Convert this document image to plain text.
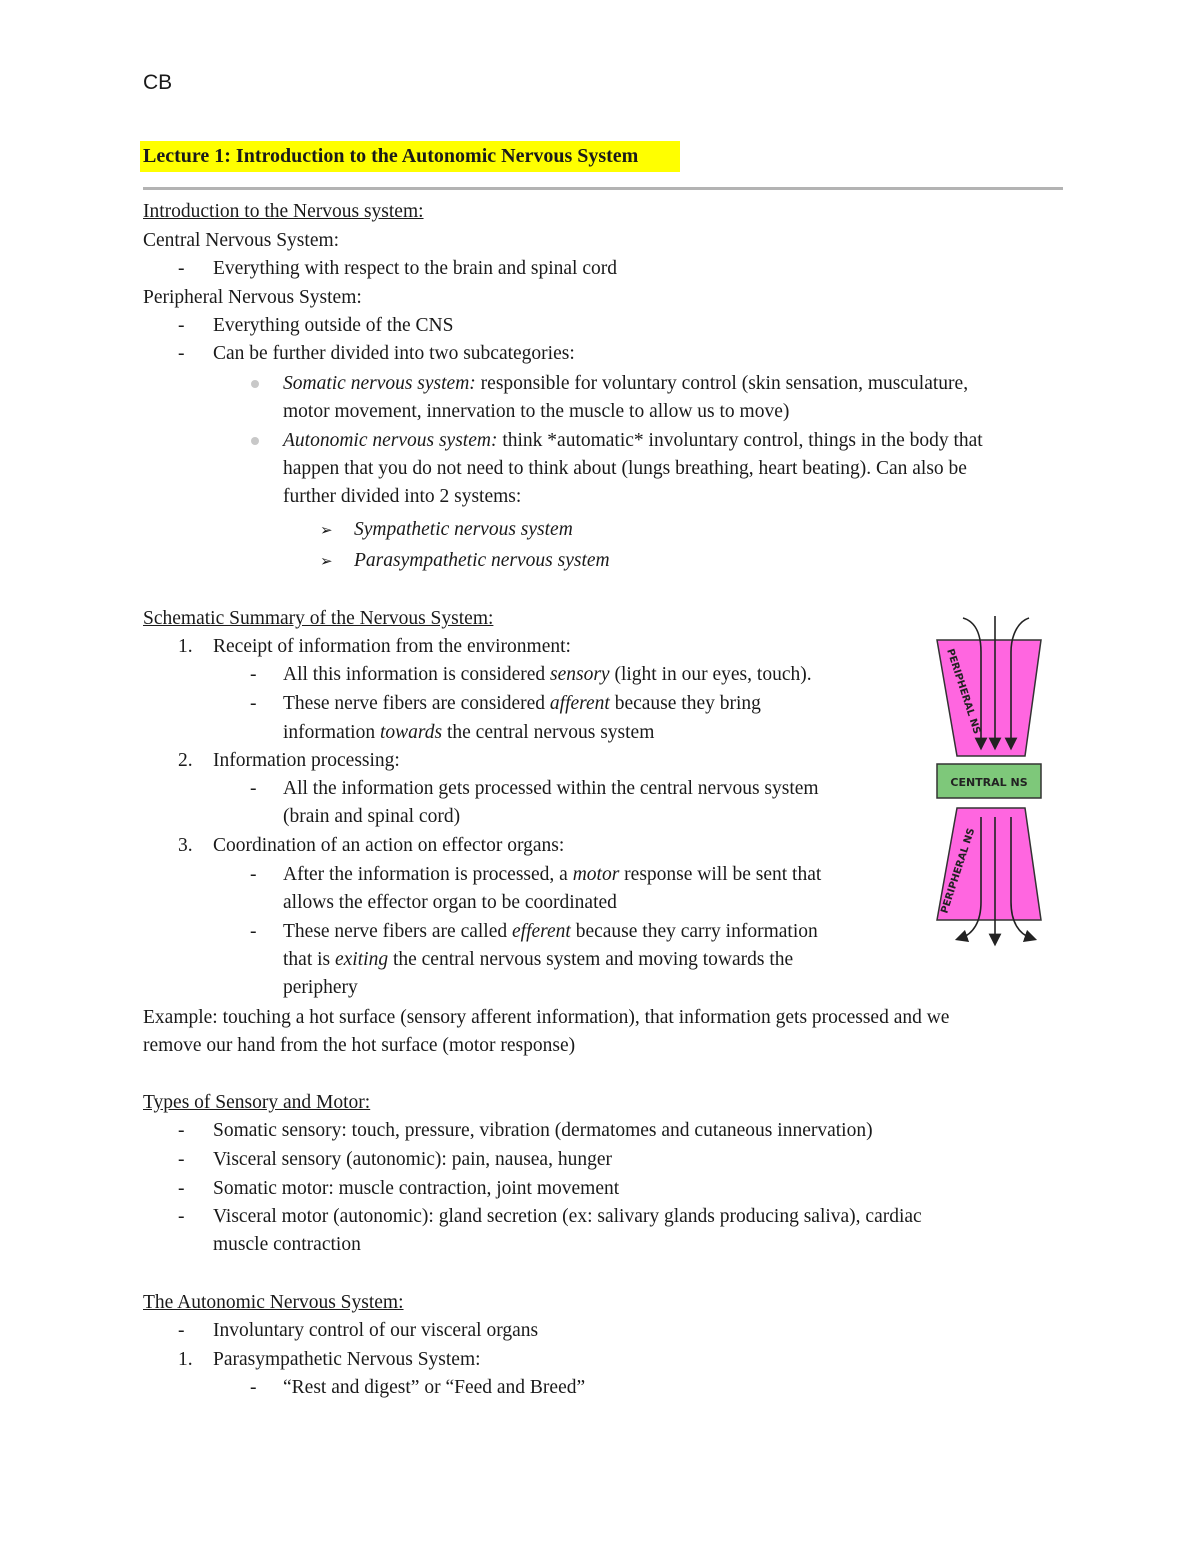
CB
Lecture 1: Introduction to the Autonomic Nervous System
Introduction to the Nervous system:
Central Nervous System:
- Everything with respect to the brain and spinal cord
Peripheral Nervous System:
- Everything outside of the CNS
- Can be further divided into two subcategories:
Somatic nervous system: responsible for voluntary control (skin sensation, musculature,
motor movement, innervation to the muscle to allow us to move)
Autonomic nervous system: think *automatic* involuntary control, things in the body that
happen that you do not need to think about (lungs breathing, heart beating). Can also be
further divided into 2 systems:
➢ Sympathetic nervous system
➢ Parasympathetic nervous system
Schematic Summary of the Nervous System:
1. Receipt of information from the environment:
- All this information is considered sensory (light in our eyes, touch).
- These nerve fibers are considered afferent because they bring
information towards the central nervous system
2. Information processing:
- All the information gets processed within the central nervous system
(brain and spinal cord)
3. Coordination of an action on effector organs:
- After the information is processed, a motor response will be sent that
allows the effector organ to be coordinated
- These nerve fibers are called efferent because they carry information
that is exiting the central nervous system and moving towards the
periphery
Example: touching a hot surface (sensory afferent information), that information gets processed and we
remove our hand from the hot surface (motor response)
PERIPHERAL NS
CENTRAL NS
PERIPHERAL NS
Types of Sensory and Motor:
- Somatic sensory: touch, pressure, vibration (dermatomes and cutaneous innervation)
- Visceral sensory (autonomic): pain, nausea, hunger
- Somatic motor: muscle contraction, joint movement
- Visceral motor (autonomic): gland secretion (ex: salivary glands producing saliva), cardiac
muscle contraction
The Autonomic Nervous System:
- Involuntary control of our visceral organs
1. Parasympathetic Nervous System:
- “Rest and digest” or “Feed and Breed”
